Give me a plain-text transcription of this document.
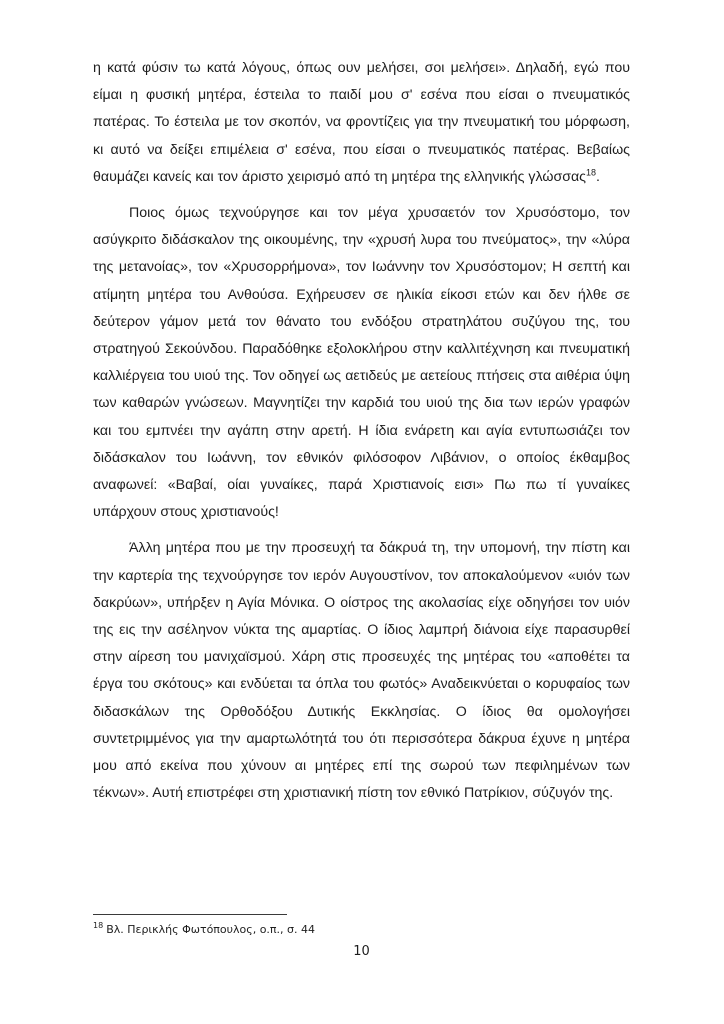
η κατά φύσιν τω κατά λόγους, όπως ουν μελήσει, σοι μελήσει». Δηλαδή, εγώ που είμαι η φυσική μητέρα, έστειλα το παιδί μου σ' εσένα που είσαι ο πνευματικός πατέρας. Το έστειλα με τον σκοπόν, να φροντίζεις για την πνευματική του μόρφωση, κι αυτό να δείξει επιμέλεια σ' εσένα, που είσαι ο πνευματικός πατέρας. Βεβαίως θαυμάζει κανείς και τον άριστο χειρισμό από τη μητέρα της ελληνικής γλώσσας$^{18}$.

Ποιος όμως τεχνούργησε και τον μέγα χρυσαετόν τον Χρυσόστομο, τον ασύγκριτο διδάσκαλον της οικουμένης, την «χρυσή λυρα του πνεύματος», την «λύρα της μετανοίας», τον «Χρυσορρήμονα», τον Ιωάννην τον Χρυσόστομον; Η σεπτή και ατίμητη μητέρα του Ανθούσα. Εχήρευσεν σε ηλικία είκοσι ετών και δεν ήλθε σε δεύτερον γάμον μετά τον θάνατο του ενδόξου στρατηλάτου συζύγου της, του στρατηγού Σεκούνδου. Παραδόθηκε εξολοκλήρου στην καλλιτέχνηση και πνευματική καλλιέργεια του υιού της. Τον οδηγεί ως αετιδεύς με αετείους πτήσεις στα αιθέρια ύψη των καθαρών γνώσεων. Μαγνητίζει την καρδιά του υιού της δια των ιερών γραφών και του εμπνέει την αγάπη στην αρετή. Η ίδια ενάρετη και αγία εντυπωσιάζει τον διδάσκαλον του Ιωάννη, τον εθνικόν φιλόσοφον Λιβάνιον, ο οποίος έκθαμβος αναφωνεί: «Βαβαί, οίαι γυναίκες, παρά Χριστιανοίς εισι» Πω πω τί γυναίκες υπάρχουν στους χριστιανούς!

Άλλη μητέρα που με την προσευχή τα δάκρυά τη, την υπομονή, την πίστη και την καρτερία της τεχνούργησε τον ιερόν Αυγουστίνον, τον αποκαλούμενον «υιόν των δακρύων», υπήρξεν η Αγία Μόνικα. Ο οίστρος της ακολασίας είχε οδηγήσει τον υιόν της εις την ασέληνον νύκτα της αμαρτίας. Ο ίδιος λαμπρή διάνοια είχε παρασυρθεί στην αίρεση του μανιχαϊσμού. Χάρη στις προσευχές της μητέρας του «αποθέτει τα έργα του σκότους» και ενδύεται τα όπλα του φωτός» Αναδεικνύεται ο κορυφαίος των διδασκάλων της Ορθοδόξου Δυτικής Εκκλησίας. Ο ίδιος θα ομολογήσει συντετριμμένος για την αμαρτωλότητά του ότι περισσότερα δάκρυα έχυνε η μητέρα μου από εκείνα που χύνουν αι μητέρες επί της σωρού των πεφιλημένων των τέκνων». Αυτή επιστρέφει στη χριστιανική πίστη τον εθνικό Πατρίκιον, σύζυγόν της.

$^{18}$ Βλ. Περικλής Φωτόπουλος, ο.π., σ. 44
10
